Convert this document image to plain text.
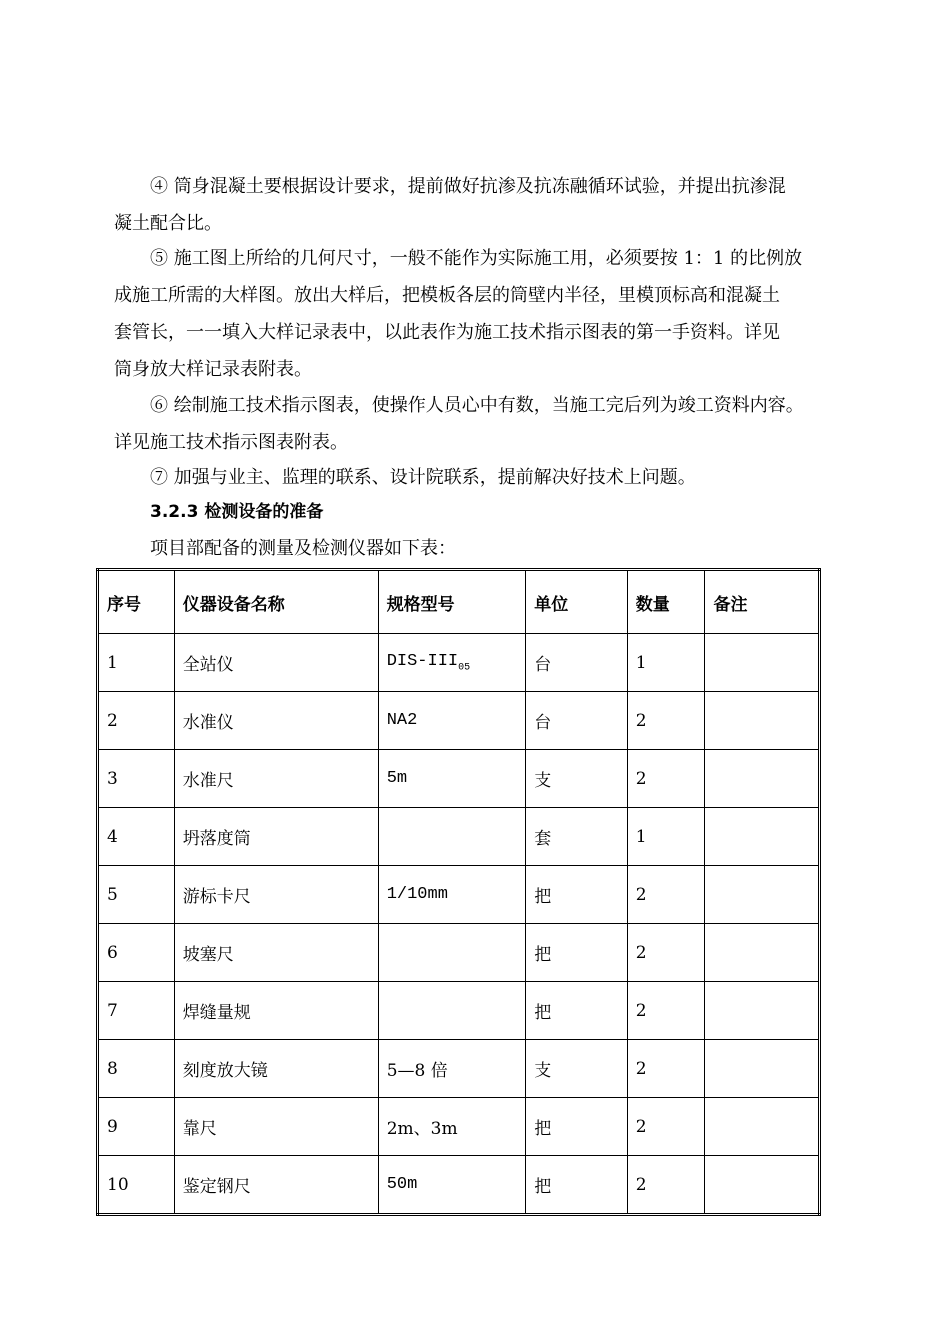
④ 筒身混凝土要根据设计要求，提前做好抗渗及抗冻融循环试验，并提出抗渗混
凝土配合比。
⑤ 施工图上所给的几何尺寸，一般不能作为实际施工用，必须要按 1：1 的比例放
成施工所需的大样图。放出大样后，把模板各层的筒壁内半径，里模顶标高和混凝土
套管长，一一填入大样记录表中，以此表作为施工技术指示图表的第一手资料。详见
筒身放大样记录表附表。
⑥ 绘制施工技术指示图表，使操作人员心中有数，当施工完后列为竣工资料内容。
详见施工技术指示图表附表。
⑦ 加强与业主、监理的联系、设计院联系，提前解决好技术上问题。
3.2.3 检测设备的准备
项目部配备的测量及检测仪器如下表：
序号	仪器设备名称	规格型号	单位	数量	备注
1	全站仪	DIS-$III_{05}$	台	1	
2	水准仪	NA2	台	2	
3	水准尺	5m	支	2	
4	坍落度筒		套	1	
5	游标卡尺	1/10mm	把	2	
6	坡塞尺		把	2	
7	焊缝量规		把	2	
8	刻度放大镜	5—8 倍	支	2	
9	靠尺	2m、3m	把	2	
10	鉴定钢尺	50m	把	2	
